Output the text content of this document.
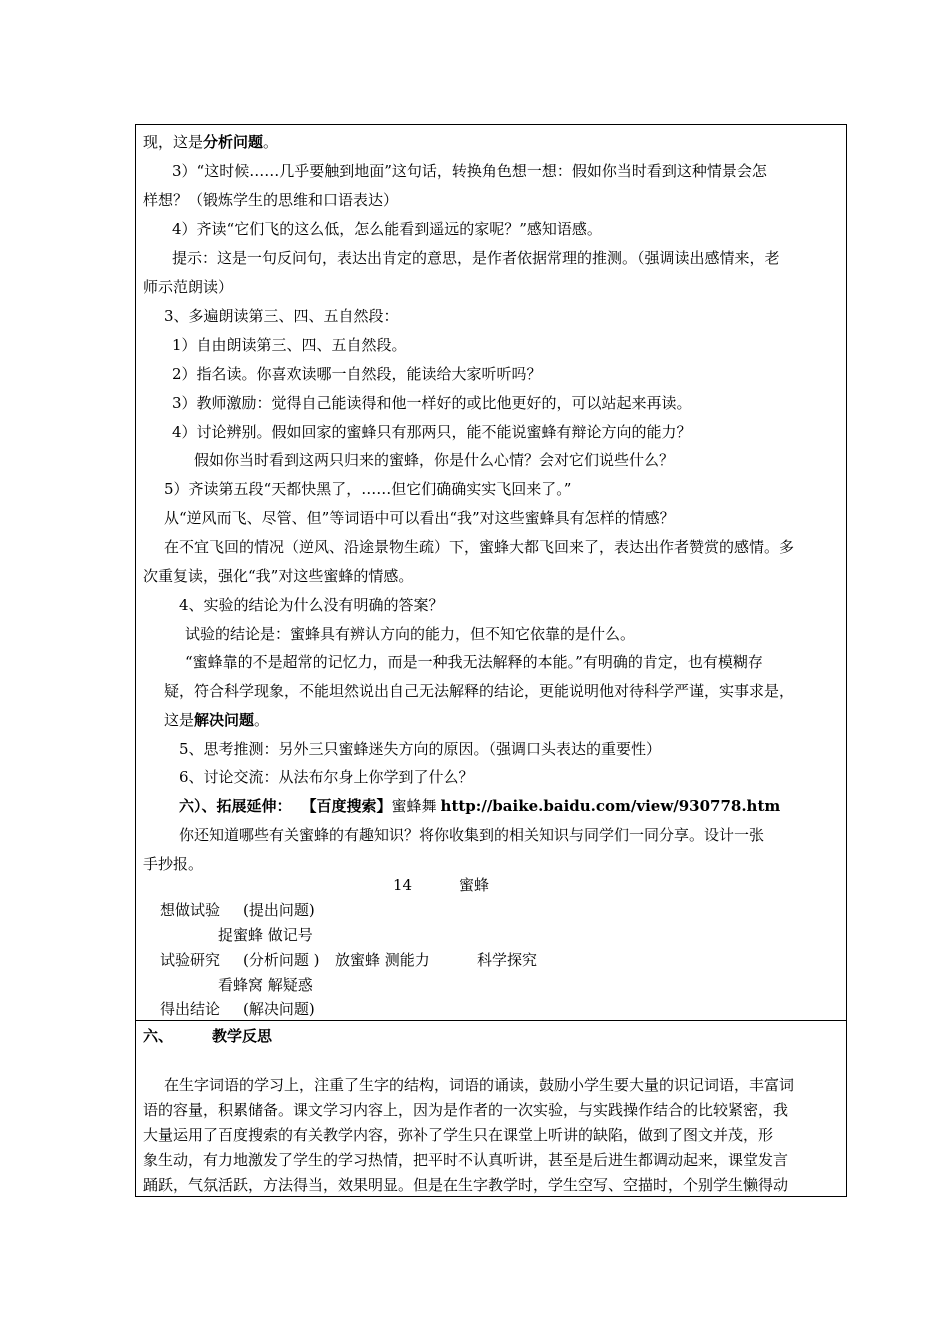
现，这是分析问题。
3）“这时候……几乎要触到地面”这句话，转换角色想一想：假如你当时看到这种情景会怎
样想？（锻炼学生的思维和口语表达）
4）齐读“它们飞的这么低，怎么能看到遥远的家呢？”感知语感。
提示：这是一句反问句，表达出肯定的意思，是作者依据常理的推测。（强调读出感情来，老
师示范朗读）
3、多遍朗读第三、四、五自然段：
1）自由朗读第三、四、五自然段。
2）指名读。你喜欢读哪一自然段，能读给大家听听吗？
3）教师激励：觉得自己能读得和他一样好的或比他更好的，可以站起来再读。
4）讨论辨别。假如回家的蜜蜂只有那两只，能不能说蜜蜂有辩论方向的能力？
假如你当时看到这两只归来的蜜蜂，你是什么心情？会对它们说些什么？
5）齐读第五段“天都快黑了，……但它们确确实实飞回来了。”
从“逆风而飞、尽管、但”等词语中可以看出“我”对这些蜜蜂具有怎样的情感？
在不宜飞回的情况（逆风、沿途景物生疏）下，蜜蜂大都飞回来了，表达出作者赞赏的感情。多
次重复读，强化“我”对这些蜜蜂的情感。
4、实验的结论为什么没有明确的答案？
试验的结论是：蜜蜂具有辨认方向的能力，但不知它依靠的是什么。
“蜜蜂靠的不是超常的记忆力，而是一种我无法解释的本能。”有明确的肯定，也有模糊存
疑，符合科学现象，不能坦然说出自己无法解释的结论，更能说明他对待科学严谨，实事求是，
这是解决问题。
5、思考推测：另外三只蜜蜂迷失方向的原因。（强调口头表达的重要性）
6、讨论交流：从法布尔身上你学到了什么？
六）、拓展延伸： 【百度搜索】蜜蜂舞 http://baike.baidu.com/view/930778.htm
你还知道哪些有关蜜蜂的有趣知识？将你收集到的相关知识与同学们一同分享。设计一张
手抄报。
14	蜜蜂
想做试验 (提出问题)
捉蜜蜂 做记号
试验研究 (分析问题 ) 放蜜蜂 测能力	科学探究
看蜂窝 解疑惑
得出结论 (解决问题)
六、	教学反思
在生字词语的学习上，注重了生字的结构，词语的诵读，鼓励小学生要大量的识记词语，丰富词
语的容量，积累储备。课文学习内容上，因为是作者的一次实验，与实践操作结合的比较紧密，我
大量运用了百度搜索的有关教学内容，弥补了学生只在课堂上听讲的缺陷，做到了图文并茂，形
象生动，有力地激发了学生的学习热情，把平时不认真听讲，甚至是后进生都调动起来，课堂发言
踊跃，气氛活跃，方法得当，效果明显。但是在生字教学时，学生空写、空描时，个别学生懒得动
